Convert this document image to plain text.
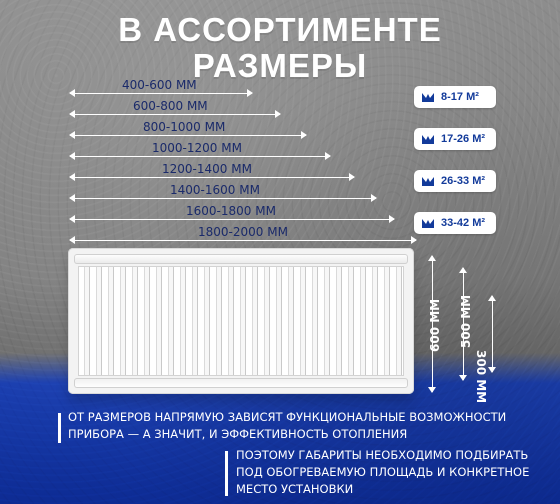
В АССОРТИМЕНТЕ
РАЗМЕРЫ
400-600 ММ
600-800 ММ
800-1000 ММ
1000-1200 ММ
1200-1400 ММ
1400-1600 ММ
1600-1800 ММ
1800-2000 ММ
8-17 М²
17-26 М²
26-33 М²
33-42 М²
600 ММ 500 ММ
300 ММ
ОТ РАЗМЕРОВ НАПРЯМУЮ ЗАВИСЯТ ФУНКЦИОНАЛЬНЫЕ ВОЗМОЖНОСТИ ПРИБОРА — А ЗНАЧИТ, И ЭФФЕКТИВНОСТЬ ОТОПЛЕНИЯ
ПОЭТОМУ ГАБАРИТЫ НЕОБХОДИМО ПОДБИРАТЬ ПОД ОБОГРЕВАЕМУЮ ПЛОЩАДЬ И КОНКРЕТНОЕ МЕСТО УСТАНОВКИ
